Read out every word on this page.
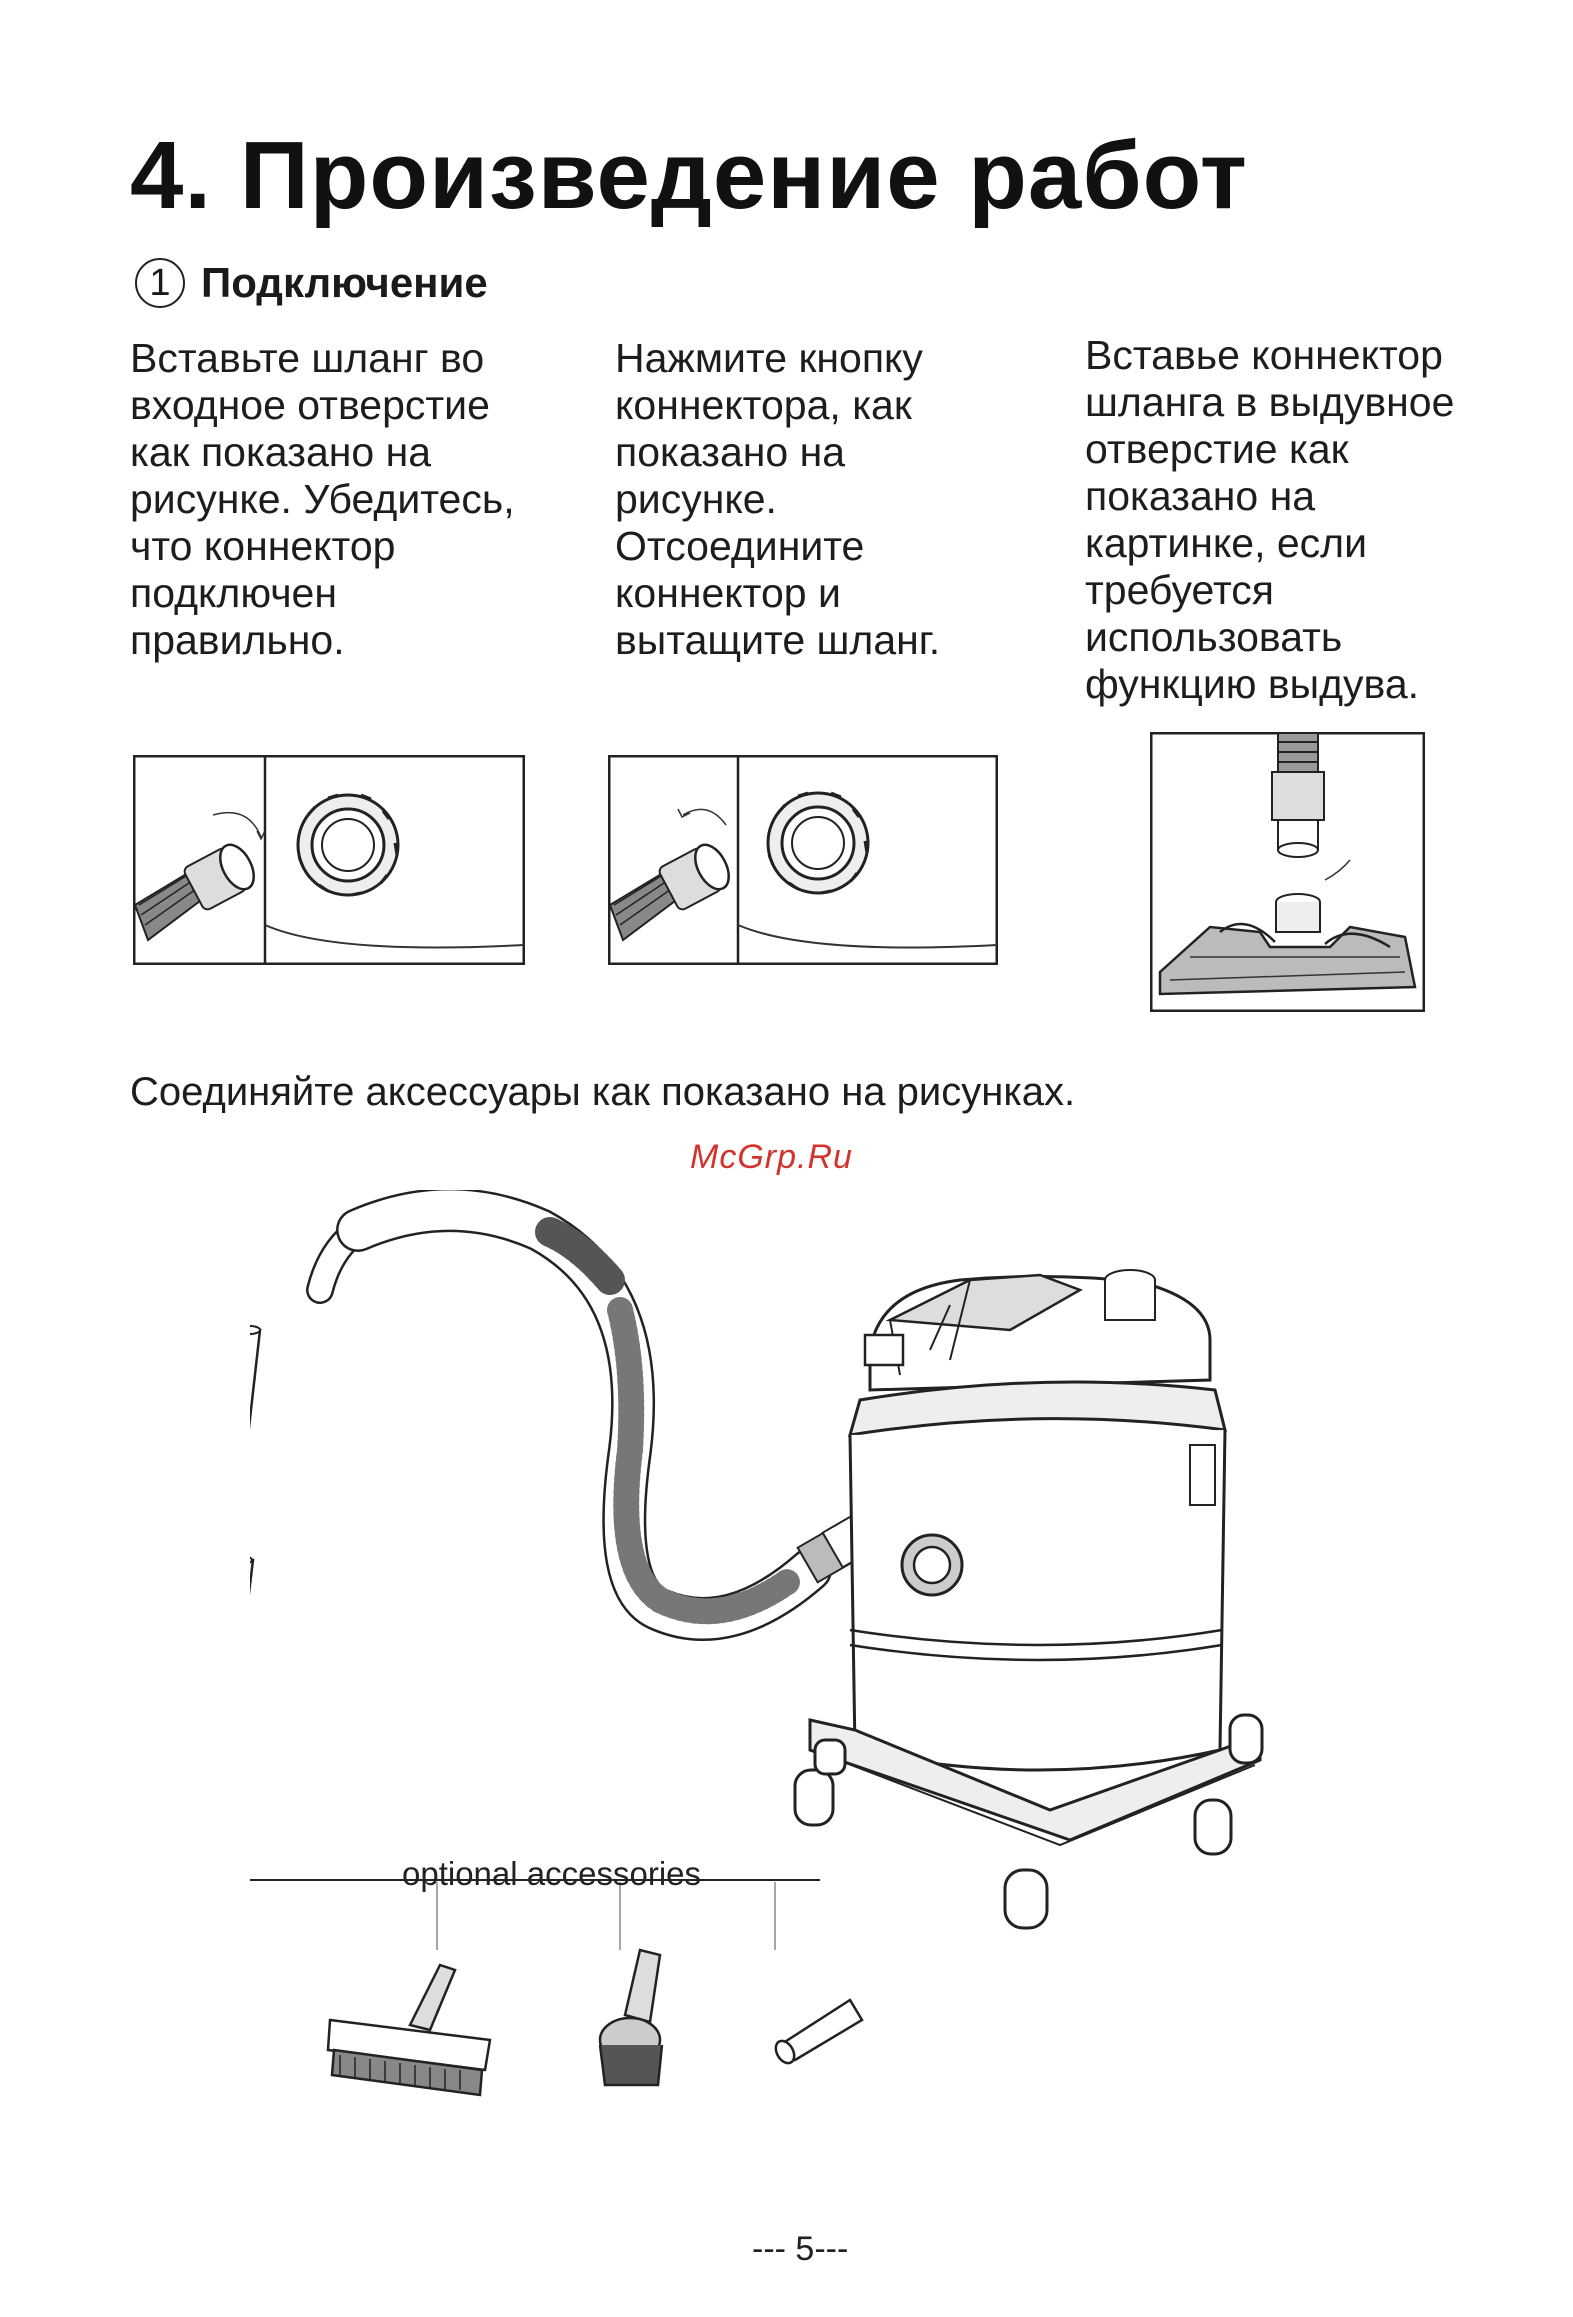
4. Произведение работ
1 Подключение
Вставьте шланг во
входное отверстие
как показано на
рисунке. Убедитесь,
что коннектор
подключен
правильно.
Нажмите кнопку
коннектора, как
показано на
рисунке.
Отсоедините
коннектор и
вытащите шланг.
Вставье коннектор
шланга в выдувное
отверстие как
показано на
картинке, если
требуется
использовать
функцию выдува.
Соединяйте аксессуары как показано на рисунках.
McGrp.Ru
optional accessories
--- 5---
